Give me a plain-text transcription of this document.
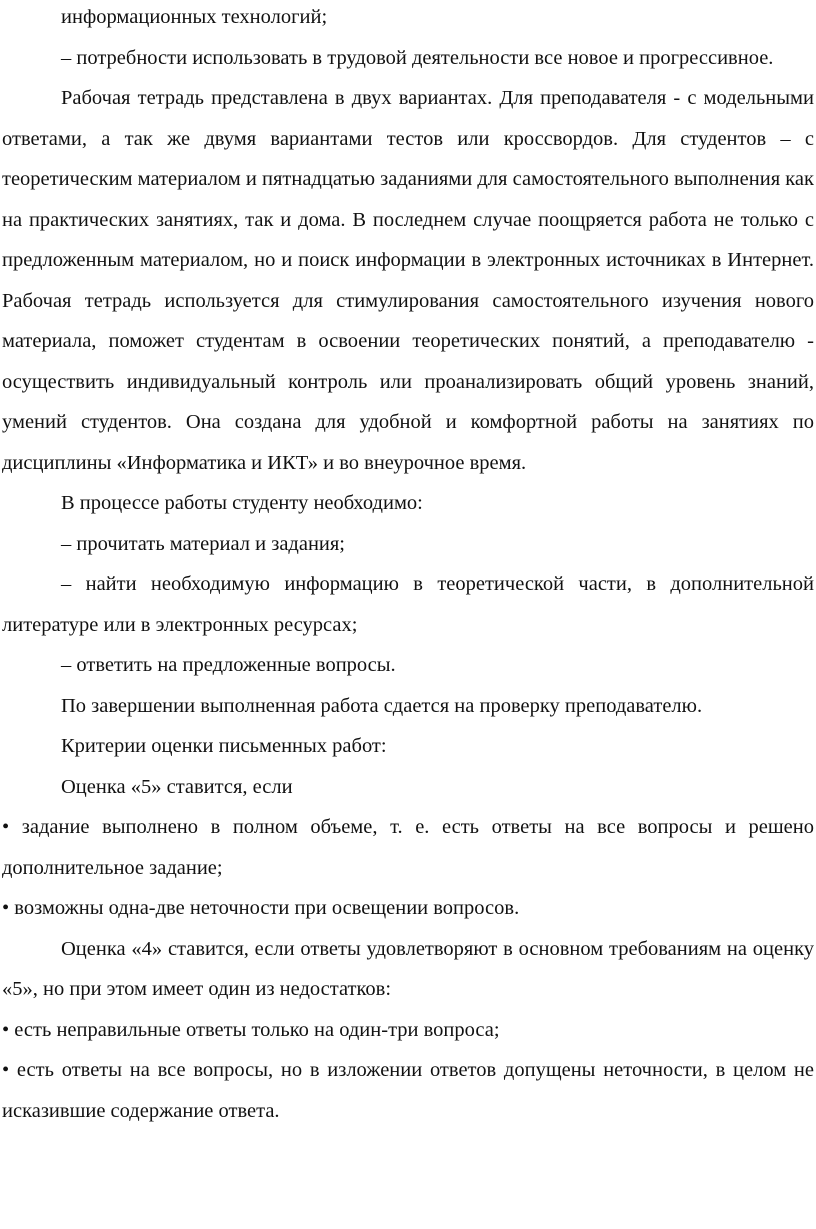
информационных технологий;

– потребности использовать в трудовой деятельности все новое и прогрессивное.

Рабочая тетрадь представлена в двух вариантах. Для преподавателя - с модельными ответами, а так же двумя вариантами тестов или кроссвордов. Для студентов – с теоретическим материалом и пятнадцатью заданиями для самостоятельного выполнения как на практических занятиях, так и дома. В последнем случае поощряется работа не только с предложенным материалом, но и поиск информации в электронных источниках в Интернет. Рабочая тетрадь используется для стимулирования самостоятельного изучения нового материала, поможет студентам в освоении теоретических понятий, а преподавателю - осуществить индивидуальный контроль или проанализировать общий уровень знаний, умений студентов. Она создана для удобной и комфортной работы на занятиях по дисциплины «Информатика и ИКТ» и во внеурочное время.

В процессе работы студенту необходимо:

– прочитать материал и задания;

– найти необходимую информацию в теоретической части, в дополнительной литературе или в электронных ресурсах;

– ответить на предложенные вопросы.

По завершении выполненная работа сдается на проверку преподавателю.

Критерии оценки письменных работ:

Оценка «5» ставится, если

• задание выполнено в полном объеме, т. е. есть ответы на все вопросы и решено дополнительное задание;

• возможны одна-две неточности при освещении вопросов.

Оценка «4» ставится, если ответы удовлетворяют в основном требованиям на оценку «5», но при этом имеет один из недостатков:

• есть неправильные ответы только на один-три вопроса;

• есть ответы на все вопросы, но в изложении ответов допущены неточности, в целом не исказившие содержание ответа.
